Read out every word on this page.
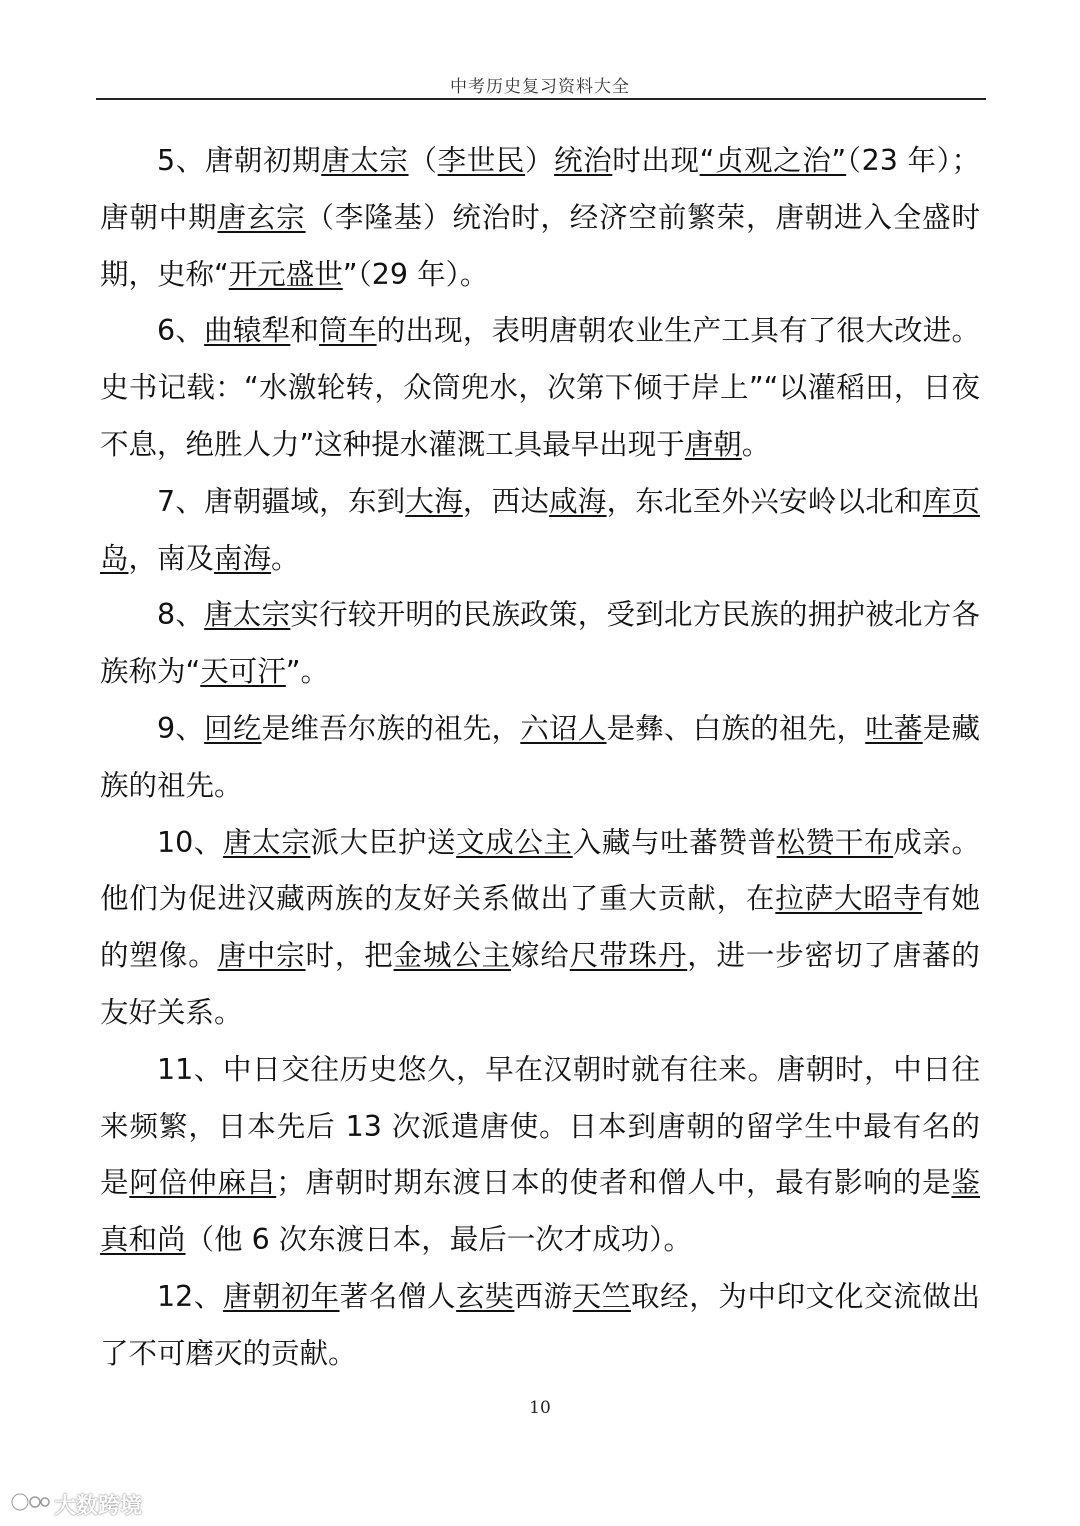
中考历史复习资料大全

5、唐朝初期唐太宗（李世民）统治时出现“贞观之治”（23 年）；唐朝中期唐玄宗（李隆基）统治时，经济空前繁荣，唐朝进入全盛时期，史称“开元盛世”（29 年）。

6、曲辕犁和筒车的出现，表明唐朝农业生产工具有了很大改进。史书记载：“水激轮转，众筒兜水，次第下倾于岸上”“以灌稻田，日夜不息，绝胜人力”这种提水灌溉工具最早出现于唐朝。

7、唐朝疆域，东到大海，西达咸海，东北至外兴安岭以北和库页岛，南及南海。

8、唐太宗实行较开明的民族政策，受到北方民族的拥护被北方各族称为“天可汗”。

9、回纥是维吾尔族的祖先，六诏人是彝、白族的祖先，吐蕃是藏族的祖先。

10、唐太宗派大臣护送文成公主入藏与吐蕃赞普松赞干布成亲。他们为促进汉藏两族的友好关系做出了重大贡献，在拉萨大昭寺有她的塑像。唐中宗时，把金城公主嫁给尺带珠丹，进一步密切了唐蕃的友好关系。

11、中日交往历史悠久，早在汉朝时就有往来。唐朝时，中日往来频繁，日本先后 13 次派遣唐使。日本到唐朝的留学生中最有名的是阿倍仲麻吕；唐朝时期东渡日本的使者和僧人中，最有影响的是鉴真和尚（他 6 次东渡日本，最后一次才成功）。

12、唐朝初年著名僧人玄奘西游天竺取经，为中印文化交流做出了不可磨灭的贡献。

10
大数跨境
